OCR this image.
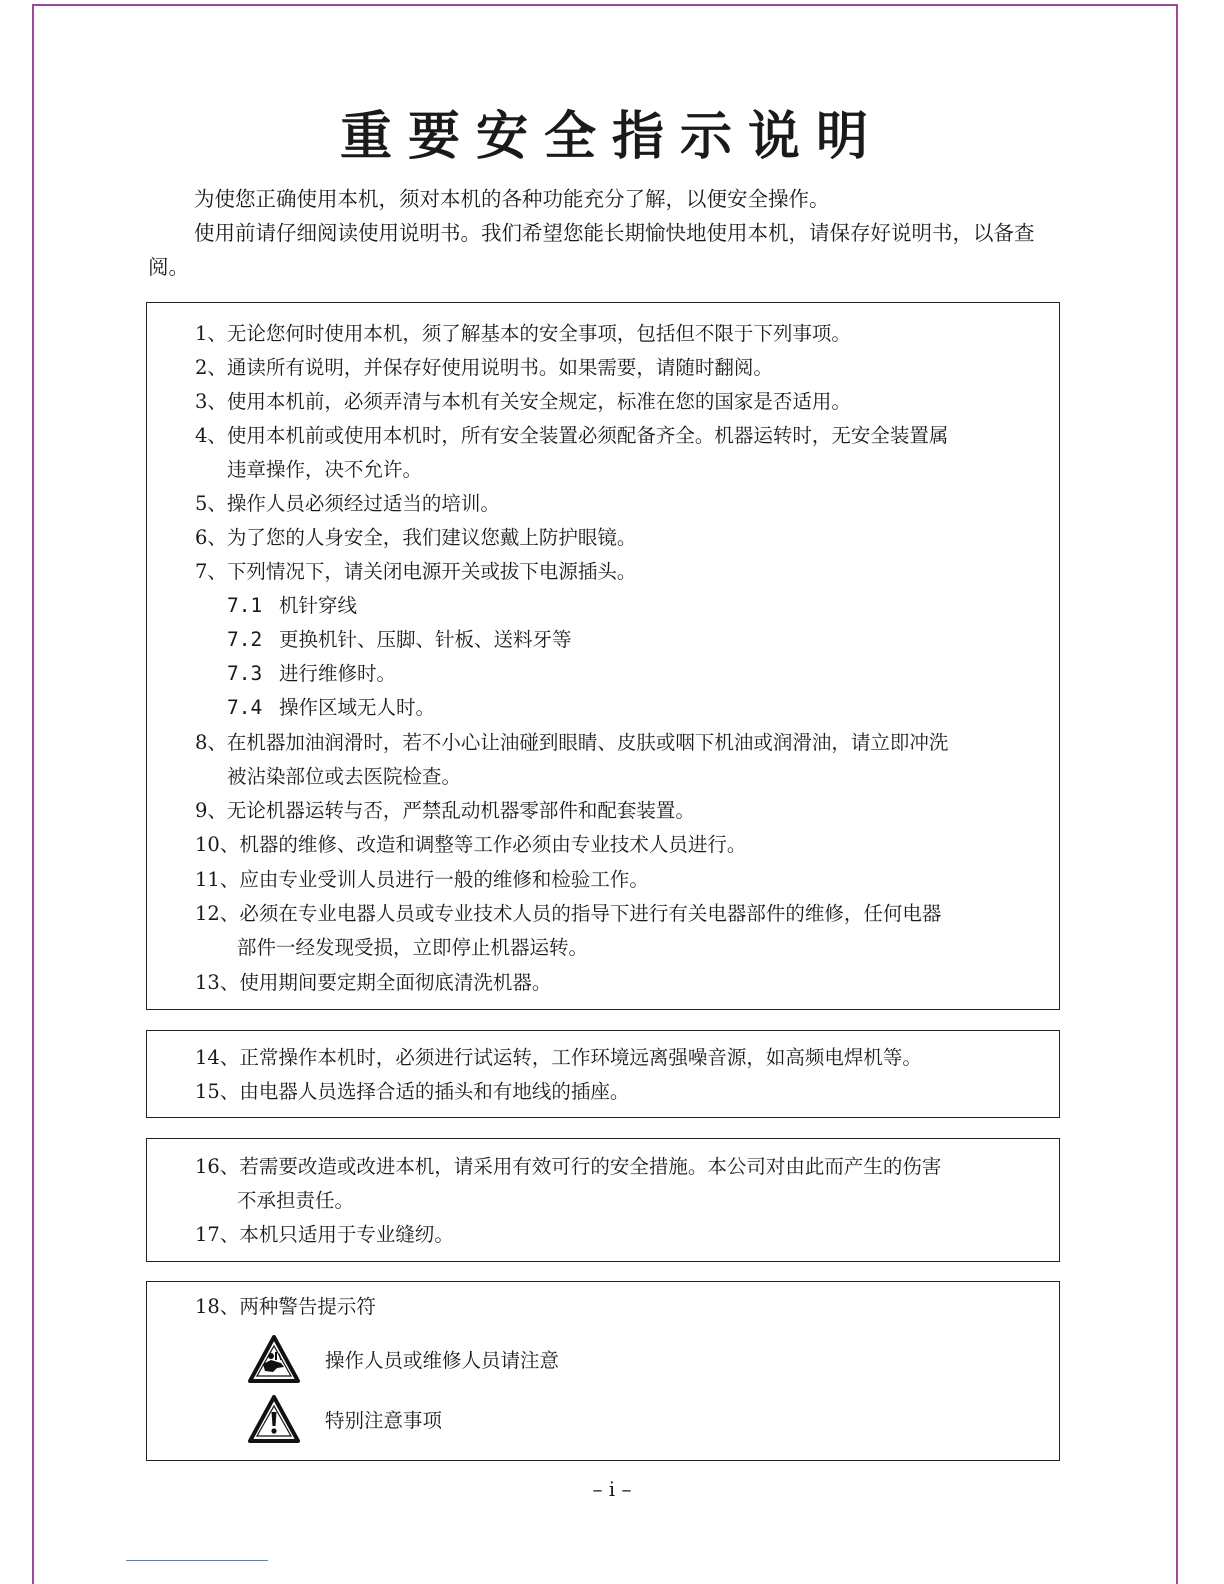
重要安全指示说明

为使您正确使用本机，须对本机的各种功能充分了解，以便安全操作。

使用前请仔细阅读使用说明书。我们希望您能长期愉快地使用本机，请保存好说明书，以备查阅。

1、无论您何时使用本机，须了解基本的安全事项，包括但不限于下列事项。
2、通读所有说明，并保存好使用说明书。如果需要，请随时翻阅。
3、使用本机前，必须弄清与本机有关安全规定，标准在您的国家是否适用。
4、使用本机前或使用本机时，所有安全装置必须配备齐全。机器运转时，无安全装置属
违章操作，决不允许。
5、操作人员必须经过适当的培训。
6、为了您的人身安全，我们建议您戴上防护眼镜。
7、下列情况下，请关闭电源开关或拔下电源插头。
7.1 机针穿线
7.2 更换机针、压脚、针板、送料牙等
7.3 进行维修时。
7.4 操作区域无人时。
8、在机器加油润滑时，若不小心让油碰到眼睛、皮肤或咽下机油或润滑油，请立即冲洗
被沾染部位或去医院检查。
9、无论机器运转与否，严禁乱动机器零部件和配套装置。
10、机器的维修、改造和调整等工作必须由专业技术人员进行。
11、应由专业受训人员进行一般的维修和检验工作。
12、必须在专业电器人员或专业技术人员的指导下进行有关电器部件的维修，任何电器
部件一经发现受损，立即停止机器运转。
13、使用期间要定期全面彻底清洗机器。
14、正常操作本机时，必须进行试运转，工作环境远离强噪音源，如高频电焊机等。
15、由电器人员选择合适的插头和有地线的插座。
16、若需要改造或改进本机，请采用有效可行的安全措施。本公司对由此而产生的伤害
不承担责任。
17、本机只适用于专业缝纫。
18、两种警告提示符
操作人员或维修人员请注意
特别注意事项
– i –
